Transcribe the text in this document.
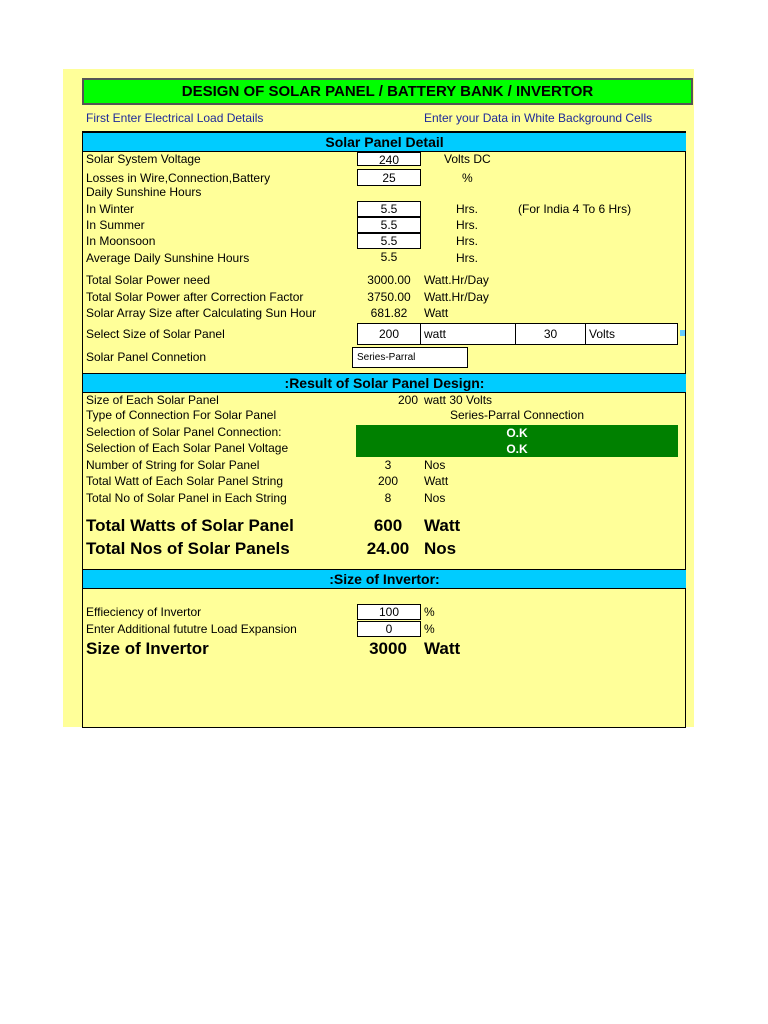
DESIGN OF SOLAR PANEL / BATTERY BANK / INVERTOR
First Enter Electrical Load Details	Enter your Data in White Background Cells
Solar Panel Detail
Solar System Voltage	240	Volts DC
Losses in Wire,Connection,Battery	25	%
Daily Sunshine Hours
In Winter	5.5	Hrs.	(For India 4 To 6 Hrs)
In Summer	5.5	Hrs.
In Moonsoon	5.5	Hrs.
Average Daily Sunshine Hours	5.5	Hrs.
Total Solar Power need	3000.00	Watt.Hr/Day
Total Solar Power after Correction Factor	3750.00	Watt.Hr/Day
Solar Array Size after Calculating Sun Hour	681.82	Watt
Select Size of Solar Panel	200	watt	30	Volts
Solar Panel Connetion	Series-Parral
:Result of Solar Panel Design:
Size of Each Solar Panel	200 watt 30 Volts
Type of Connection For Solar Panel	Series-Parral Connection
Selection of Solar Panel Connection:	O.K
Selection of Each Solar Panel Voltage	O.K
Number of String for Solar Panel	3	Nos
Total Watt of Each Solar Panel String	200	Watt
Total No of Solar Panel in Each String	8	Nos
Total Watts of Solar Panel	600	Watt
Total Nos of Solar Panels	24.00 Nos
:Size of Invertor:
Effieciency of Invertor	100	%
Enter Additional fututre Load Expansion	0	%
Size of Invertor	3000	Watt
